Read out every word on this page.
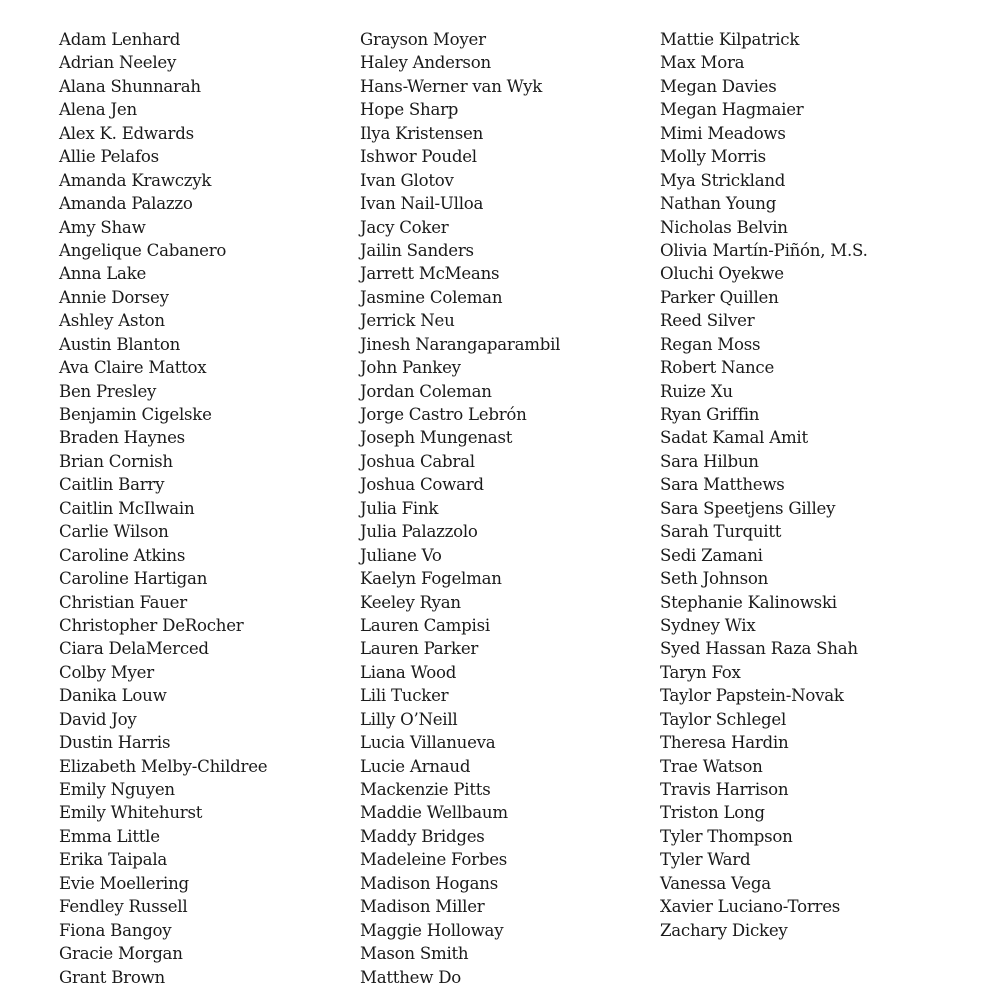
Adam Lenhard
Adrian Neeley
Alana Shunnarah
Alena Jen
Alex K. Edwards
Allie Pelafos
Amanda Krawczyk
Amanda Palazzo
Amy Shaw
Angelique Cabanero
Anna Lake
Annie Dorsey
Ashley Aston
Austin Blanton
Ava Claire Mattox
Ben Presley
Benjamin Cigelske
Braden Haynes
Brian Cornish
Caitlin Barry
Caitlin McIlwain
Carlie Wilson
Caroline Atkins
Caroline Hartigan
Christian Fauer
Christopher DeRocher
Ciara DelaMerced
Colby Myer
Danika Louw
David Joy
Dustin Harris
Elizabeth Melby-Childree
Emily Nguyen
Emily Whitehurst
Emma Little
Erika Taipala
Evie Moellering
Fendley Russell
Fiona Bangoy
Gracie Morgan
Grant Brown
Grayson Moyer
Haley Anderson
Hans-Werner van Wyk
Hope Sharp
Ilya Kristensen
Ishwor Poudel
Ivan Glotov
Ivan Nail-Ulloa
Jacy Coker
Jailin Sanders
Jarrett McMeans
Jasmine Coleman
Jerrick Neu
Jinesh Narangaparambil
John Pankey
Jordan Coleman
Jorge Castro Lebrón
Joseph Mungenast
Joshua Cabral
Joshua Coward
Julia Fink
Julia Palazzolo
Juliane Vo
Kaelyn Fogelman
Keeley Ryan
Lauren Campisi
Lauren Parker
Liana Wood
Lili Tucker
Lilly O’Neill
Lucia Villanueva
Lucie Arnaud
Mackenzie Pitts
Maddie Wellbaum
Maddy Bridges
Madeleine Forbes
Madison Hogans
Madison Miller
Maggie Holloway
Mason Smith
Matthew Do
Mattie Kilpatrick
Max Mora
Megan Davies
Megan Hagmaier
Mimi Meadows
Molly Morris
Mya Strickland
Nathan Young
Nicholas Belvin
Olivia Martín-Piñón, M.S.
Oluchi Oyekwe
Parker Quillen
Reed Silver
Regan Moss
Robert Nance
Ruize Xu
Ryan Griffin
Sadat Kamal Amit
Sara Hilbun
Sara Matthews
Sara Speetjens Gilley
Sarah Turquitt
Sedi Zamani
Seth Johnson
Stephanie Kalinowski
Sydney Wix
Syed Hassan Raza Shah
Taryn Fox
Taylor Papstein-Novak
Taylor Schlegel
Theresa Hardin
Trae Watson
Travis Harrison
Triston Long
Tyler Thompson
Tyler Ward
Vanessa Vega
Xavier Luciano-Torres
Zachary Dickey
